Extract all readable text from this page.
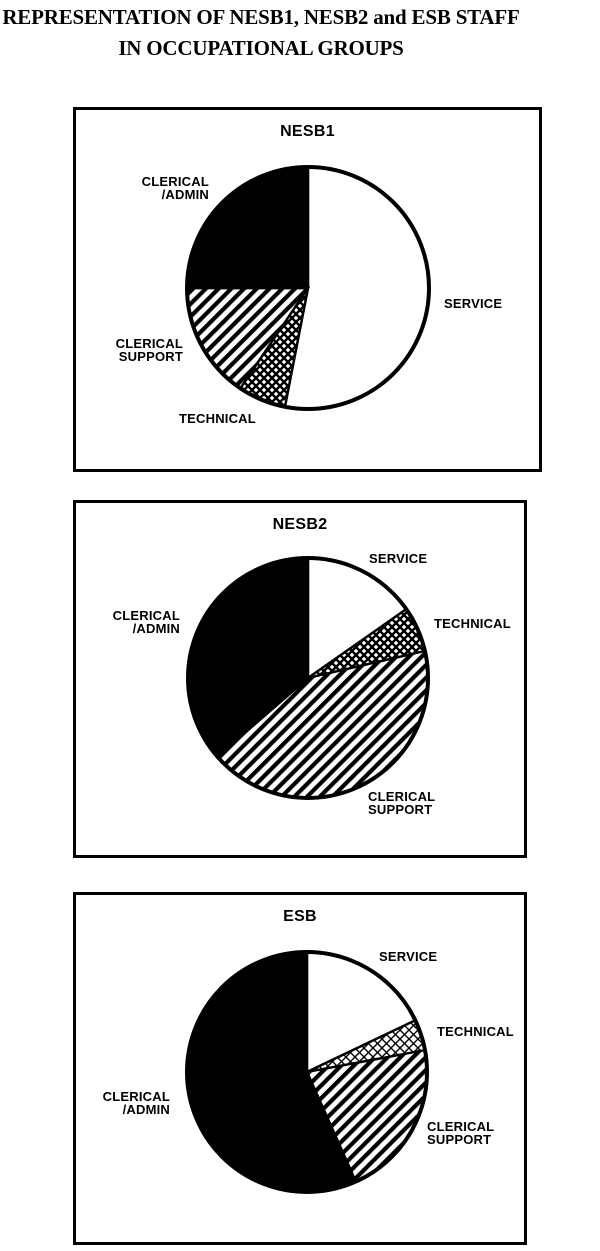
REPRESENTATION OF NESB1, NESB2 and ESB STAFF
IN OCCUPATIONAL GROUPS
NESB1
CLERICAL /ADMIN
SERVICE
CLERICAL SUPPORT
TECHNICAL
NESB2
SERVICE
TECHNICAL
CLERICAL /ADMIN
CLERICAL SUPPORT
ESB
SERVICE
TECHNICAL
CLERICAL /ADMIN
CLERICAL SUPPORT
